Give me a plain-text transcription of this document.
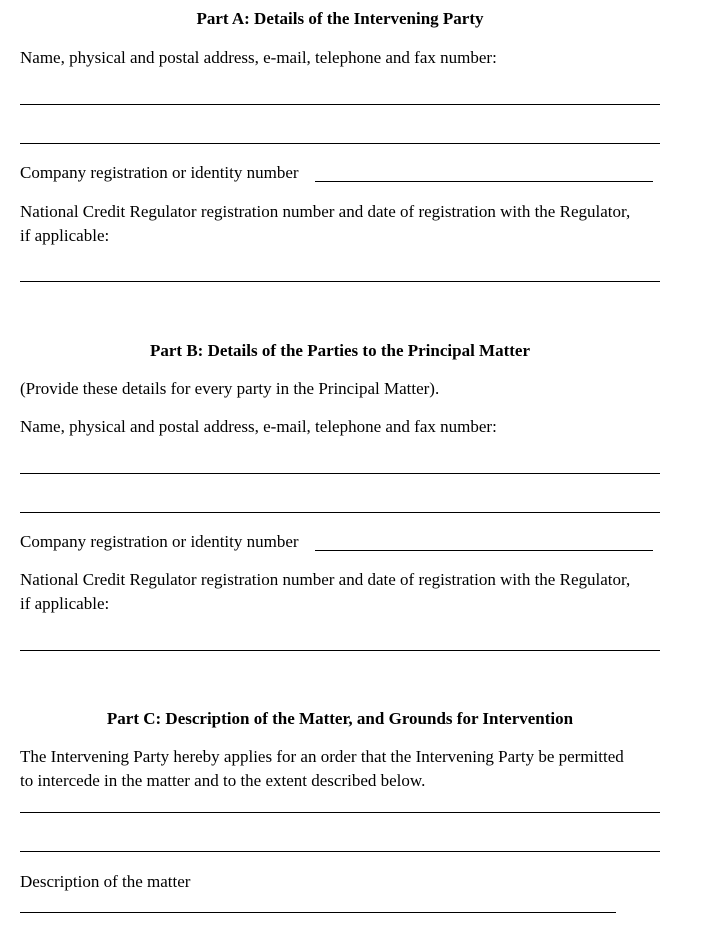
Part A: Details of the Intervening Party
Name, physical and postal address, e-mail, telephone and fax number:
Company registration or identity number
National Credit Regulator registration number and date of registration with the Regulator,
if applicable:
Part B: Details of the Parties to the Principal Matter
(Provide these details for every party in the Principal Matter).
Name, physical and postal address, e-mail, telephone and fax number:
Company registration or identity number
National Credit Regulator registration number and date of registration with the Regulator,
if applicable:
Part C: Description of the Matter, and Grounds for Intervention
The Intervening Party hereby applies for an order that the Intervening Party be permitted
to intercede in the matter and to the extent described below.
Description of the matter
